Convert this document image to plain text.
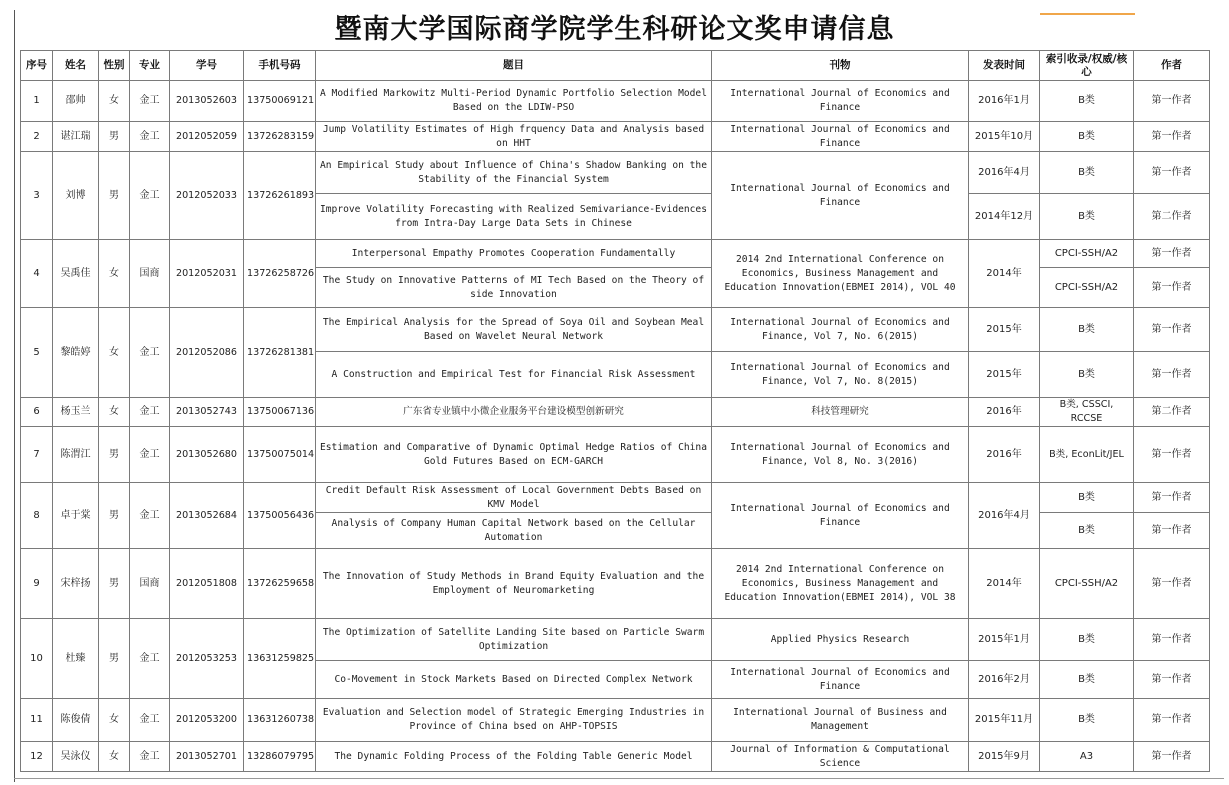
暨南大学国际商学院学生科研论文奖申请信息
序号	姓名	性别	专业	学号	手机号码	题目	刊物	发表时间	索引收录/权威/核心	作者
1	邵帅	女	金工	2013052603	13750069121	A Modified Markowitz Multi-Period Dynamic Portfolio Selection Model Based on the LDIW-PSO	International Journal of Economics and Finance	2016年1月	B类	第一作者
2	谌江瑞	男	金工	2012052059	13726283159	Jump Volatility Estimates of High frquency Data and Analysis based on HHT	International Journal of Economics and Finance	2015年10月	B类	第一作者
3	刘博	男	金工	2012052033	13726261893	An Empirical Study about Influence of China's Shadow Banking on the Stability of the Financial System	International Journal of Economics and Finance	2016年4月	B类	第一作者
						Improve Volatility Forecasting with Realized Semivariance-Evidences from Intra-Day Large Data Sets in Chinese		2014年12月	B类	第二作者
4	吴禹佳	女	国商	2012052031	13726258726	Interpersonal Empathy Promotes Cooperation Fundamentally	2014 2nd International Conference on Economics, Business Management and Education Innovation(EBMEI 2014), VOL 40	2014年	CPCI-SSH/A2	第一作者
						The Study on Innovative Patterns of MI Tech Based on the Theory of side Innovation			CPCI-SSH/A2	第一作者
5	黎皓婷	女	金工	2012052086	13726281381	The Empirical Analysis for the Spread of Soya Oil and Soybean Meal Based on Wavelet Neural Network	International Journal of Economics and Finance, Vol 7, No. 6(2015)	2015年	B类	第一作者
						A Construction and Empirical Test for Financial Risk Assessment	International Journal of Economics and Finance, Vol 7, No. 8(2015)	2015年	B类	第一作者
6	杨玉兰	女	金工	2013052743	13750067136	广东省专业镇中小微企业服务平台建设模型创新研究	科技管理研究	2016年	B类, CSSCI, RCCSE	第二作者
7	陈渭江	男	金工	2013052680	13750075014	Estimation and Comparative of Dynamic Optimal Hedge Ratios of China Gold Futures Based on ECM-GARCH	International Journal of Economics and Finance, Vol 8, No. 3(2016)	2016年	B类, EconLit/JEL	第一作者
8	卓于棠	男	金工	2013052684	13750056436	Credit Default Risk Assessment of Local Government Debts Based on KMV Model	International Journal of Economics and Finance	2016年4月	B类	第一作者
						Analysis of Company Human Capital Network based on the Cellular Automation			B类	第一作者
9	宋梓扬	男	国商	2012051808	13726259658	The Innovation of Study Methods in Brand Equity Evaluation and the Employment of Neuromarketing	2014 2nd International Conference on Economics, Business Management and Education Innovation(EBMEI 2014), VOL 38	2014年	CPCI-SSH/A2	第一作者
10	杜臻	男	金工	2012053253	13631259825	The Optimization of Satellite Landing Site based on Particle Swarm Optimization	Applied Physics Research	2015年1月	B类	第一作者
						Co-Movement in Stock Markets Based on Directed Complex Network	International Journal of Economics and Finance	2016年2月	B类	第一作者
11	陈俊倩	女	金工	2012053200	13631260738	Evaluation and Selection model of Strategic Emerging Industries in Province of China bsed on AHP-TOPSIS	International Journal of Business and Management	2015年11月	B类	第一作者
12	吴泳仪	女	金工	2013052701	13286079795	The Dynamic Folding Process of the Folding Table Generic Model	Journal of Information & Computational Science	2015年9月	A3	第一作者
